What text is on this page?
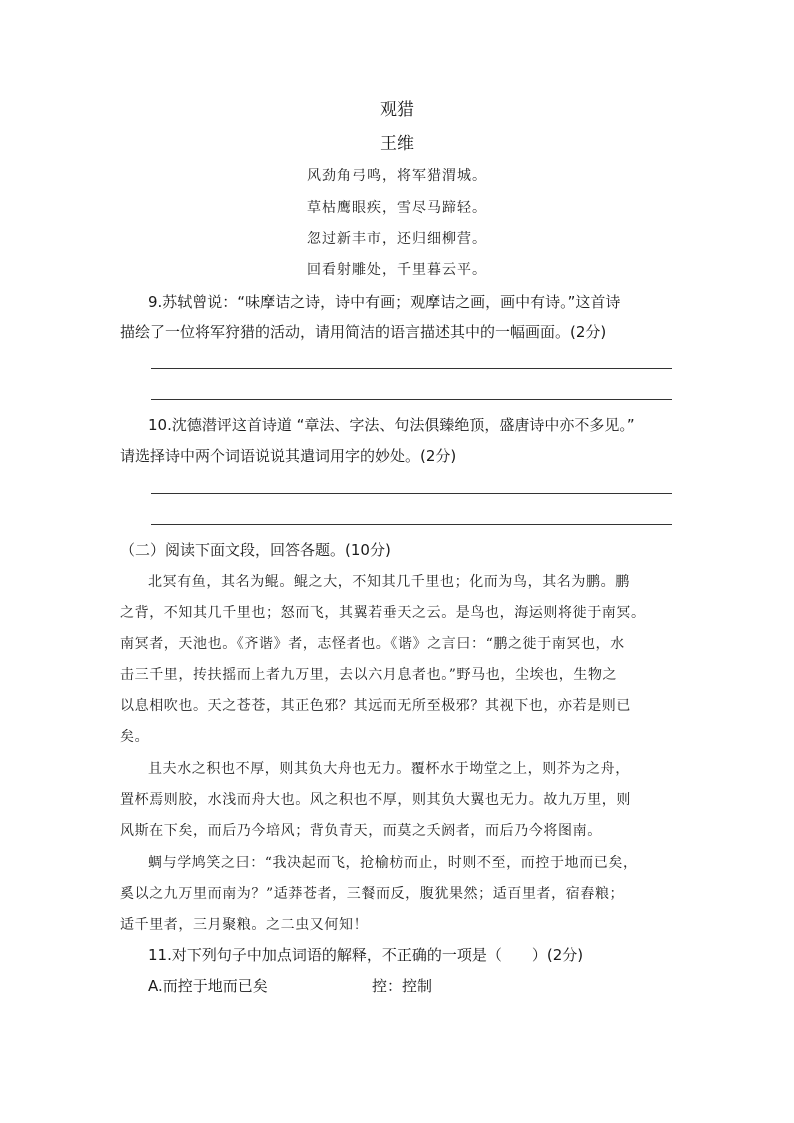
观猎
王维
风劲角弓鸣，将军猎渭城。
草枯鹰眼疾，雪尽马蹄轻。
忽过新丰市，还归细柳营。
回看射雕处，千里暮云平。
9.苏轼曾说：“味摩诘之诗，诗中有画；观摩诘之画，画中有诗。”这首诗
描绘了一位将军狩猎的活动，请用简洁的语言描述其中的一幅画面。(2分)
10.沈德潜评这首诗道 “章法、字法、句法俱臻绝顶，盛唐诗中亦不多见。”
请选择诗中两个词语说说其遣词用字的妙处。(2分)
（二）阅读下面文段，回答各题。(10分)
北冥有鱼，其名为鲲。鲲之大，不知其几千里也；化而为鸟，其名为鹏。鹏
之背，不知其几千里也；怒而飞，其翼若垂天之云。是鸟也，海运则将徙于南冥。
南冥者，天池也。《齐谐》者，志怪者也。《谐》之言曰：“鹏之徙于南冥也，水
击三千里，抟扶摇而上者九万里，去以六月息者也。”野马也，尘埃也，生物之
以息相吹也。天之苍苍，其正色邪？其远而无所至极邪？其视下也，亦若是则已
矣。
且夫水之积也不厚，则其负大舟也无力。覆杯水于坳堂之上，则芥为之舟，
置杯焉则胶，水浅而舟大也。风之积也不厚，则其负大翼也无力。故九万里，则
风斯在下矣，而后乃今培风；背负青天，而莫之夭阏者，而后乃今将图南。
蜩与学鸠笑之曰：“我决起而飞，抢榆枋而止，时则不至，而控于地而已矣，
奚以之九万里而南为？”适莽苍者，三餐而反，腹犹果然；适百里者，宿舂粮；
适千里者，三月聚粮。之二虫又何知！
11.对下列句子中加点词语的解释，不正确的一项是（　　）(2分)
A.而控于地而已矣	控：控制
